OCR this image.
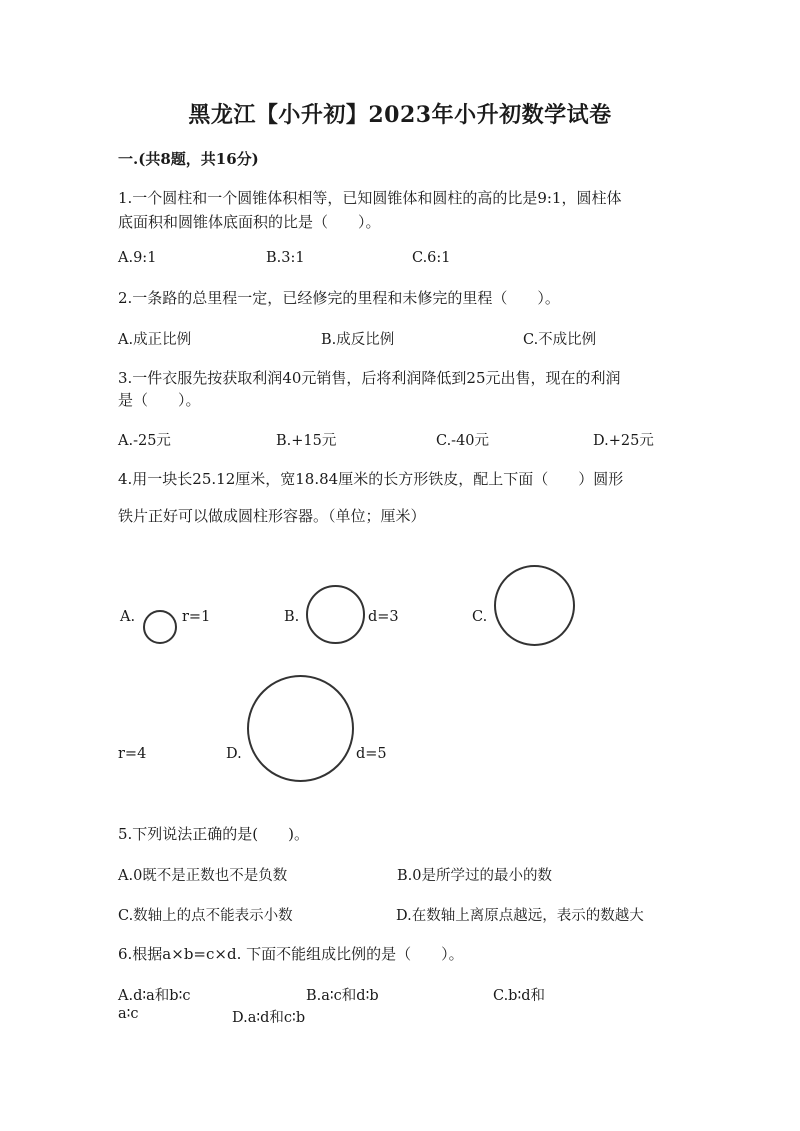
黑龙江【小升初】2023年小升初数学试卷
一.(共8题，共16分)
1.一个圆柱和一个圆锥体积相等，已知圆锥体和圆柱的高的比是9:1，圆柱体
底面积和圆锥体底面积的比是（　　）。
A.9:1	B.3:1	C.6:1
2.一条路的总里程一定，已经修完的里程和未修完的里程（　　）。
A.成正比例	B.成反比例	C.不成比例
3.一件衣服先按获取利润40元销售，后将利润降低到25元出售，现在的利润
是（　　）。
A.-25元	B.+15元	C.-40元	D.+25元
4.用一块长25.12厘米，宽18.84厘米的长方形铁皮，配上下面（　　）圆形
铁片正好可以做成圆柱形容器。（单位；厘米）
A.	r=1	B.	d=3	C.
r=4	D.	d=5
5.下列说法正确的是(　　)。
A.0既不是正数也不是负数	B.0是所学过的最小的数
C.数轴上的点不能表示小数	D.在数轴上离原点越远，表示的数越大
6.根据a×b=c×d. 下面不能组成比例的是（　　）。
A.d∶a和b∶c	B.a∶c和d∶b	C.b∶d和
a∶c	D.a∶d和c∶b
